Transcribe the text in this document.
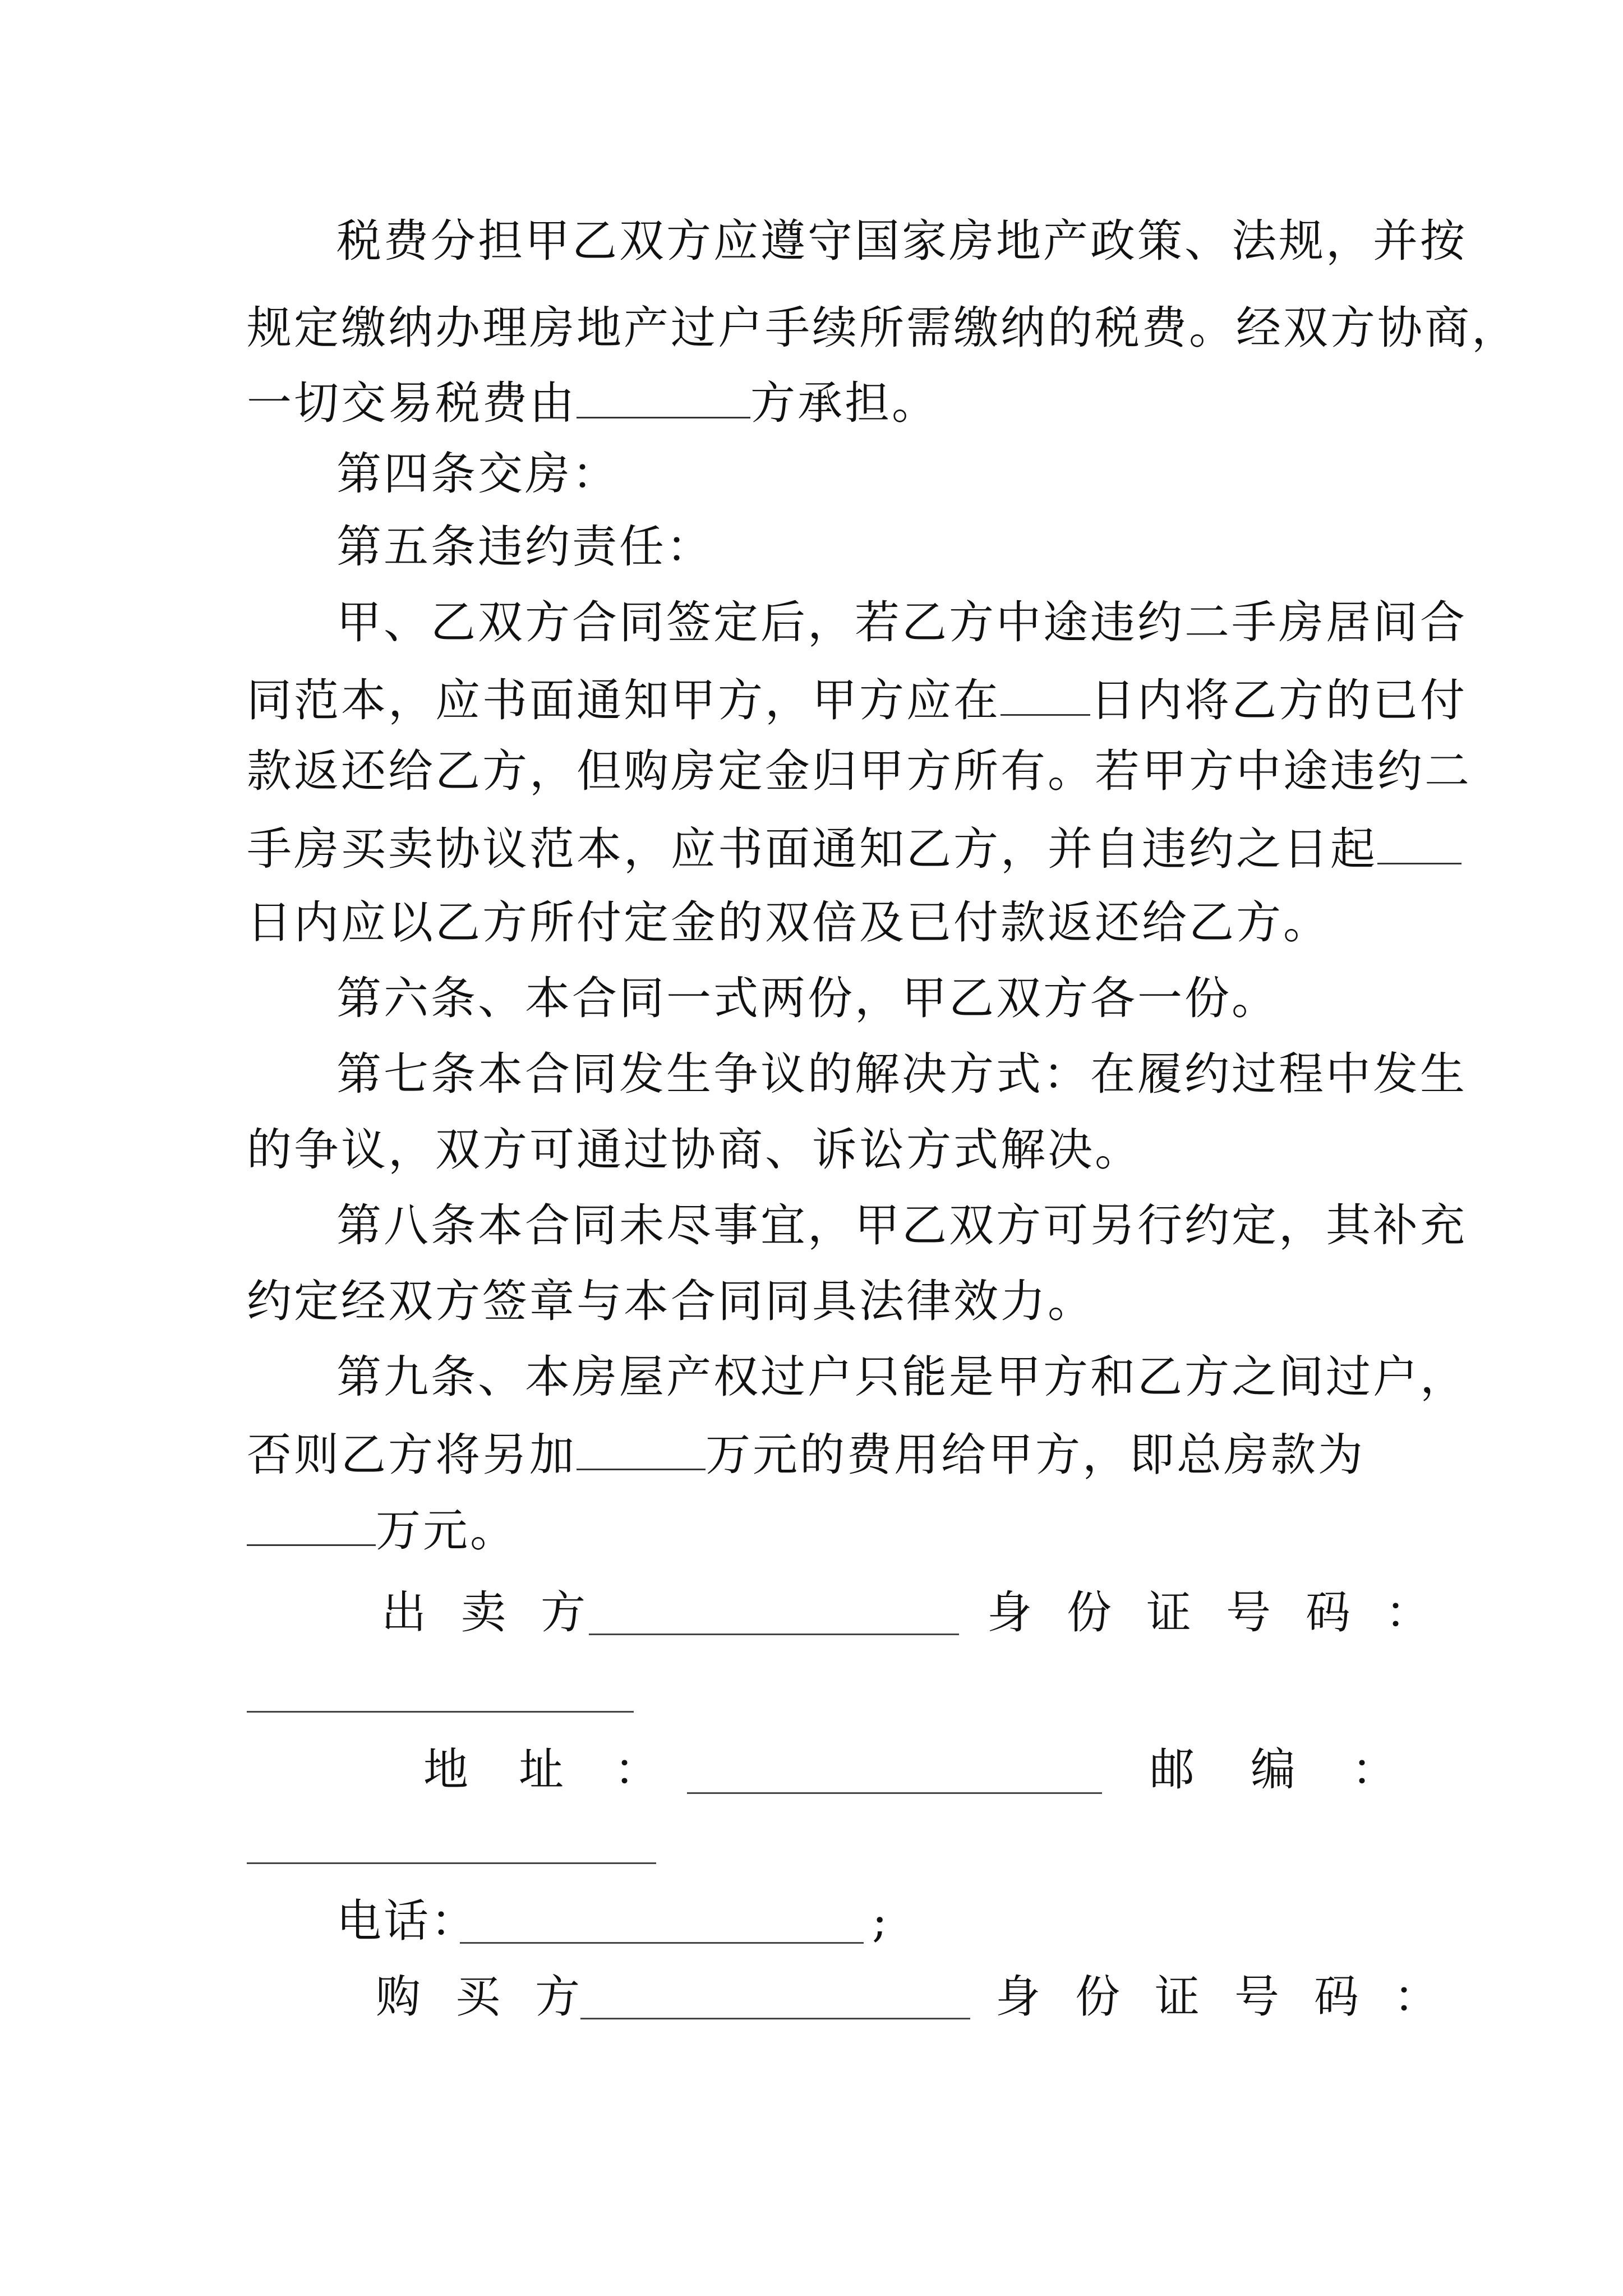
税费分担甲乙双方应遵守国家房地产政策、法规，并按
规定缴纳办理房地产过户手续所需缴纳的税费。经双方协商，
一切交易税费由	方承担。
第四条交房：
第五条违约责任：
甲、乙双方合同签定后，若乙方中途违约二手房居间合
同范本，应书面通知甲方，甲方应在 日内将乙方的已付
款返还给乙方，但购房定金归甲方所有。若甲方中途违约二
手房买卖协议范本，应书面通知乙方，并自违约之日起
日内应以乙方所付定金的双倍及已付款返还给乙方。
第六条、本合同一式两份，甲乙双方各一份。
第七条本合同发生争议的解决方式：在履约过程中发生
的争议，双方可通过协商、诉讼方式解决。
第八条本合同未尽事宜，甲乙双方可另行约定，其补充
约定经双方签章与本合同同具法律效力。
第九条、本房屋产权过户只能是甲方和乙方之间过户，
否则乙方将另加	万元的费用给甲方，即总房款为
万元。
出卖方	身份证号码：
地址：	邮编：
电话：	;
购买方	身份证号码：
